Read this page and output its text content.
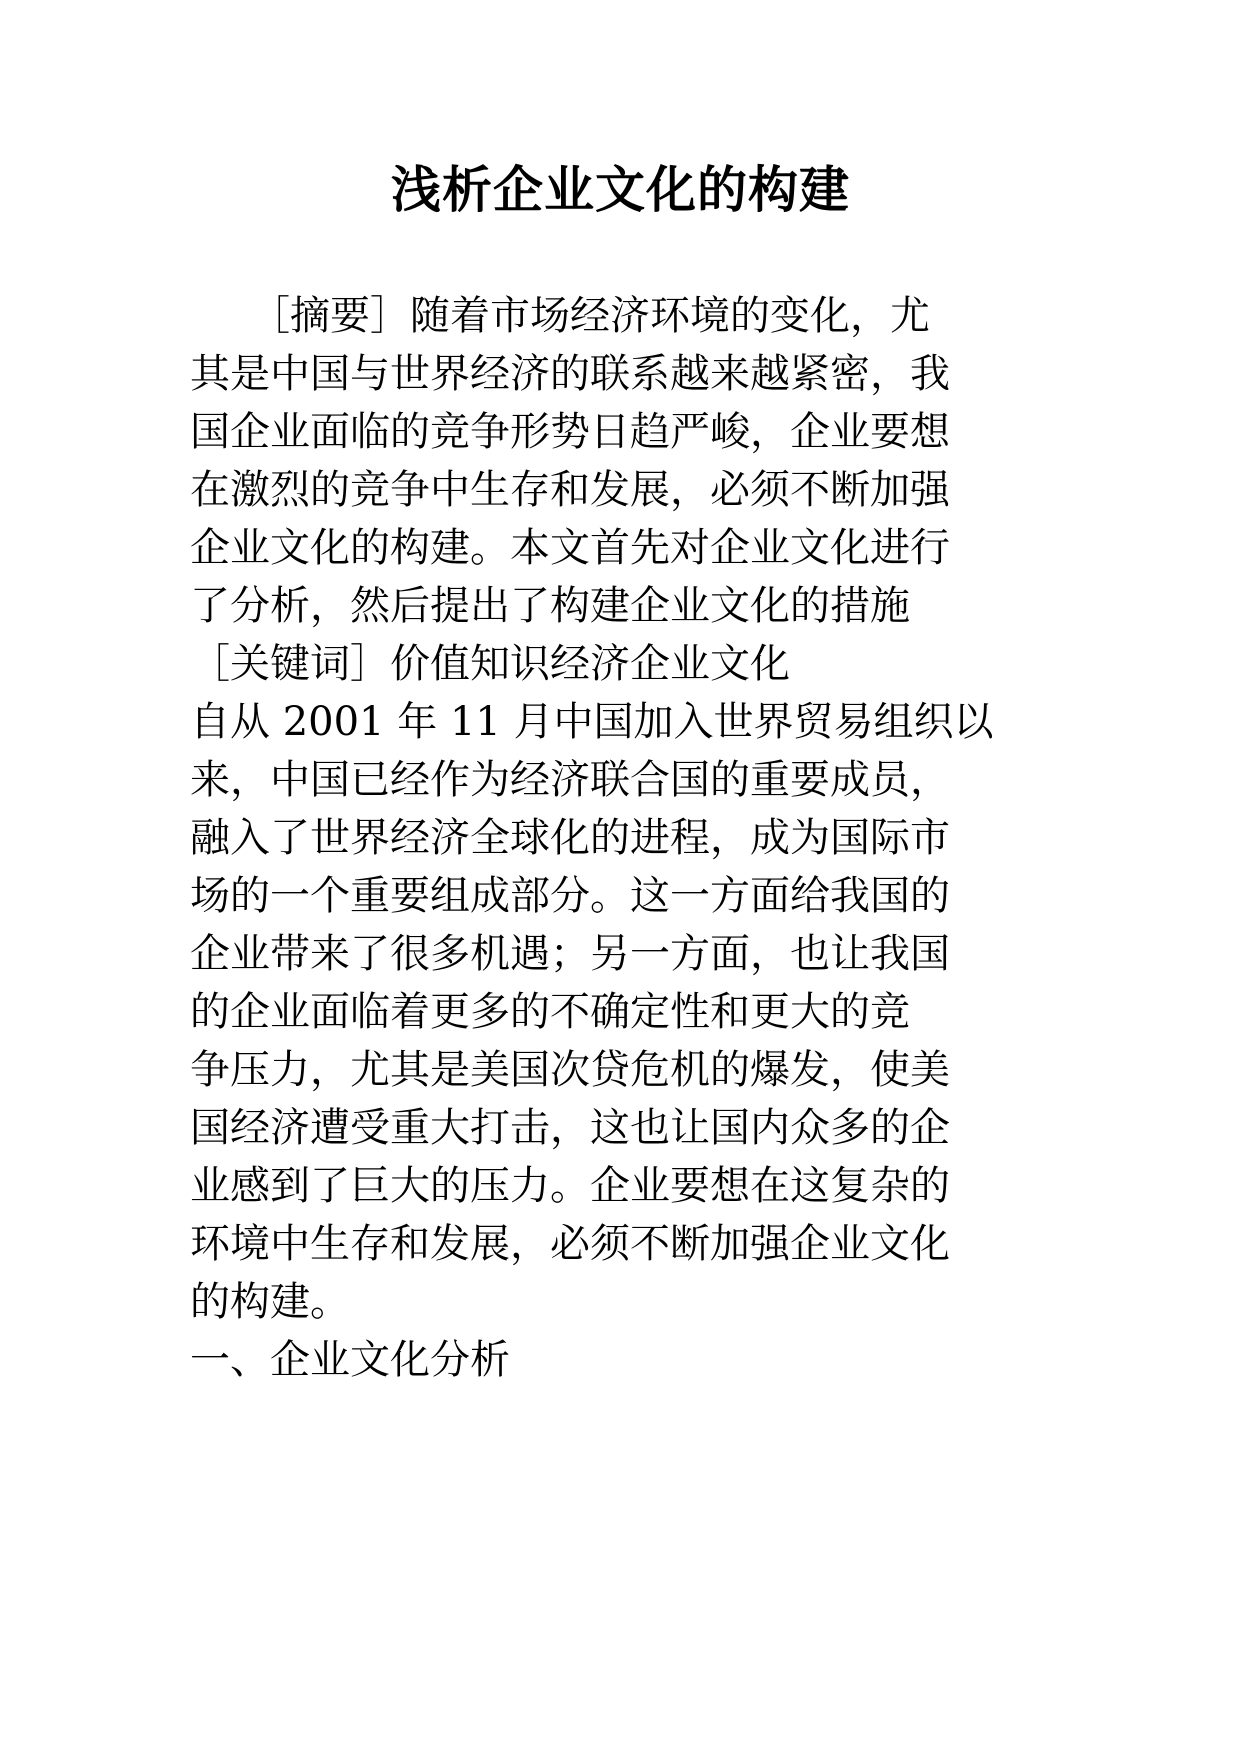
浅析企业文化的构建

　　［摘要］随着市场经济环境的变化，尤

其是中国与世界经济的联系越来越紧密，我

国企业面临的竞争形势日趋严峻，企业要想

在激烈的竞争中生存和发展，必须不断加强

企业文化的构建。本文首先对企业文化进行

了分析，然后提出了构建企业文化的措施

［关键词］价值知识经济企业文化

自从 2001 年 11 月中国加入世界贸易组织以

来，中国已经作为经济联合国的重要成员，

融入了世界经济全球化的进程，成为国际市

场的一个重要组成部分。这一方面给我国的

企业带来了很多机遇；另一方面，也让我国

的企业面临着更多的不确定性和更大的竞

争压力，尤其是美国次贷危机的爆发，使美

国经济遭受重大打击，这也让国内众多的企

业感到了巨大的压力。企业要想在这复杂的

环境中生存和发展，必须不断加强企业文化

的构建。

一、企业文化分析
